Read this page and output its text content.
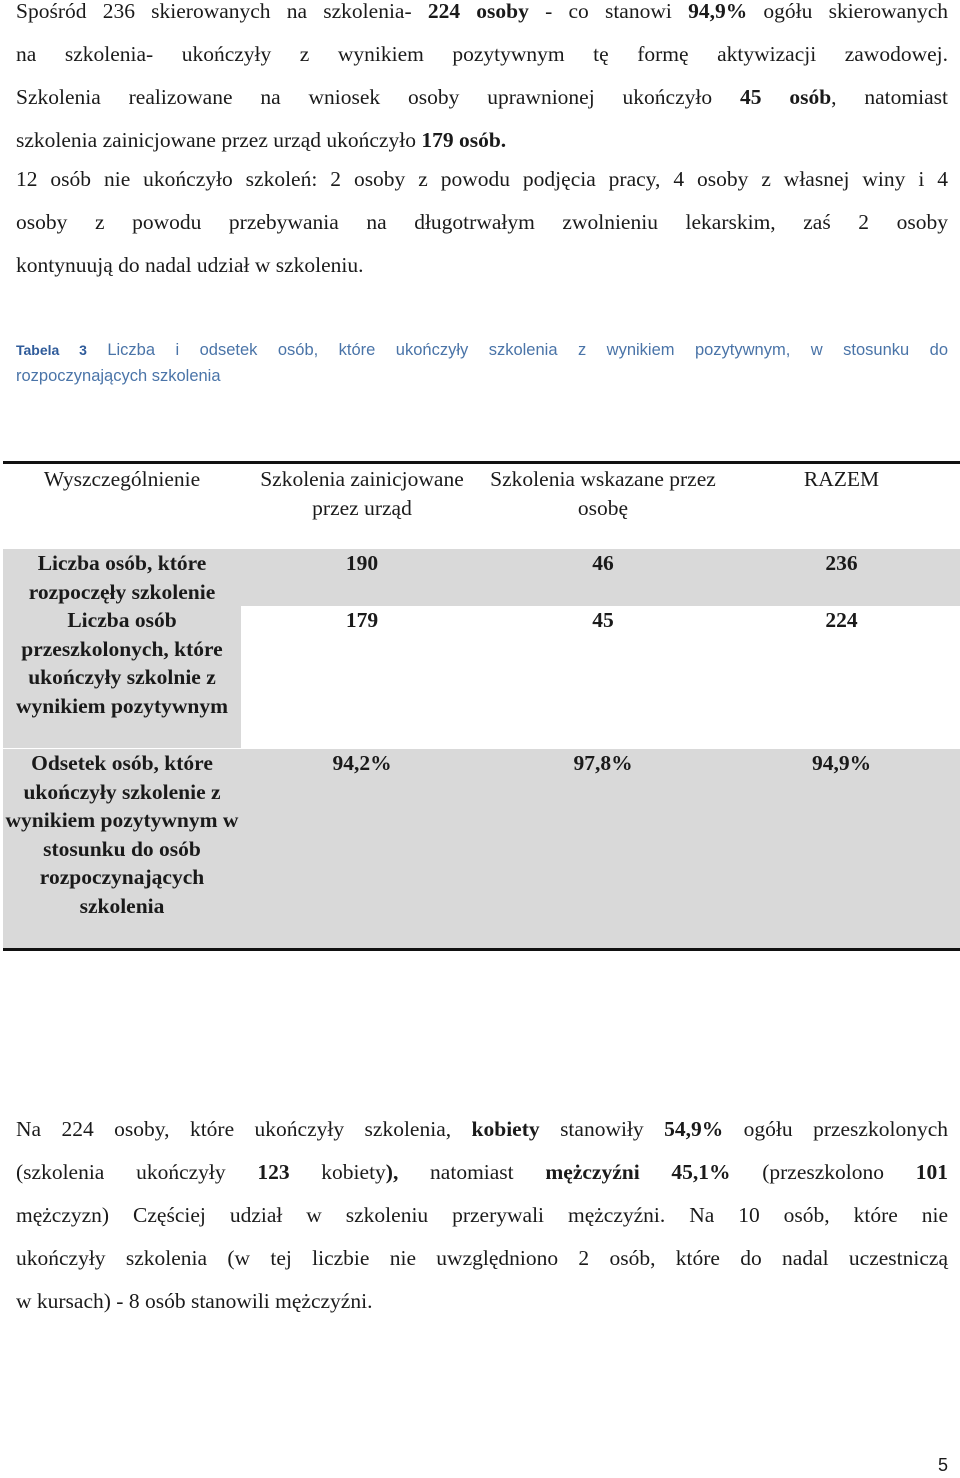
Spośród 236 skierowanych na szkolenia- 224 osoby - co stanowi 94,9% ogółu skierowanych
na szkolenia- ukończyły z wynikiem pozytywnym tę formę aktywizacji zawodowej.
Szkolenia realizowane na wniosek osoby uprawnionej ukończyło 45 osób, natomiast
szkolenia zainicjowane przez urząd ukończyło 179 osób.
12 osób nie ukończyło szkoleń: 2 osoby z powodu podjęcia pracy, 4 osoby z własnej winy i 4
osoby z powodu przebywania na długotrwałym zwolnieniu lekarskim, zaś 2 osoby
kontynuują do nadal udział w szkoleniu.
Tabela 3 Liczba i odsetek osób, które ukończyły szkolenia z wynikiem pozytywnym, w stosunku do
rozpoczynających szkolenia
Wyszczególnienie	Szkolenia zainicjowane przez urząd	Szkolenia wskazane przez osobę	RAZEM
Liczba osób, które rozpoczęły szkolenie	190	46	236
Liczba osób przeszkolonych, które ukończyły szkolnie z wynikiem pozytywnym	179	45	224
Odsetek osób, które ukończyły szkolenie z wynikiem pozytywnym w stosunku do osób rozpoczynających szkolenia	94,2%	97,8%	94,9%
Na 224 osoby, które ukończyły szkolenia, kobiety stanowiły 54,9% ogółu przeszkolonych
(szkolenia ukończyły 123 kobiety), natomiast mężczyźni 45,1% (przeszkolono 101
mężczyzn) Częściej udział w szkoleniu przerywali mężczyźni. Na 10 osób, które nie
ukończyły szkolenia (w tej liczbie nie uwzględniono 2 osób, które do nadal uczestniczą
w kursach) - 8 osób stanowili mężczyźni.
5
